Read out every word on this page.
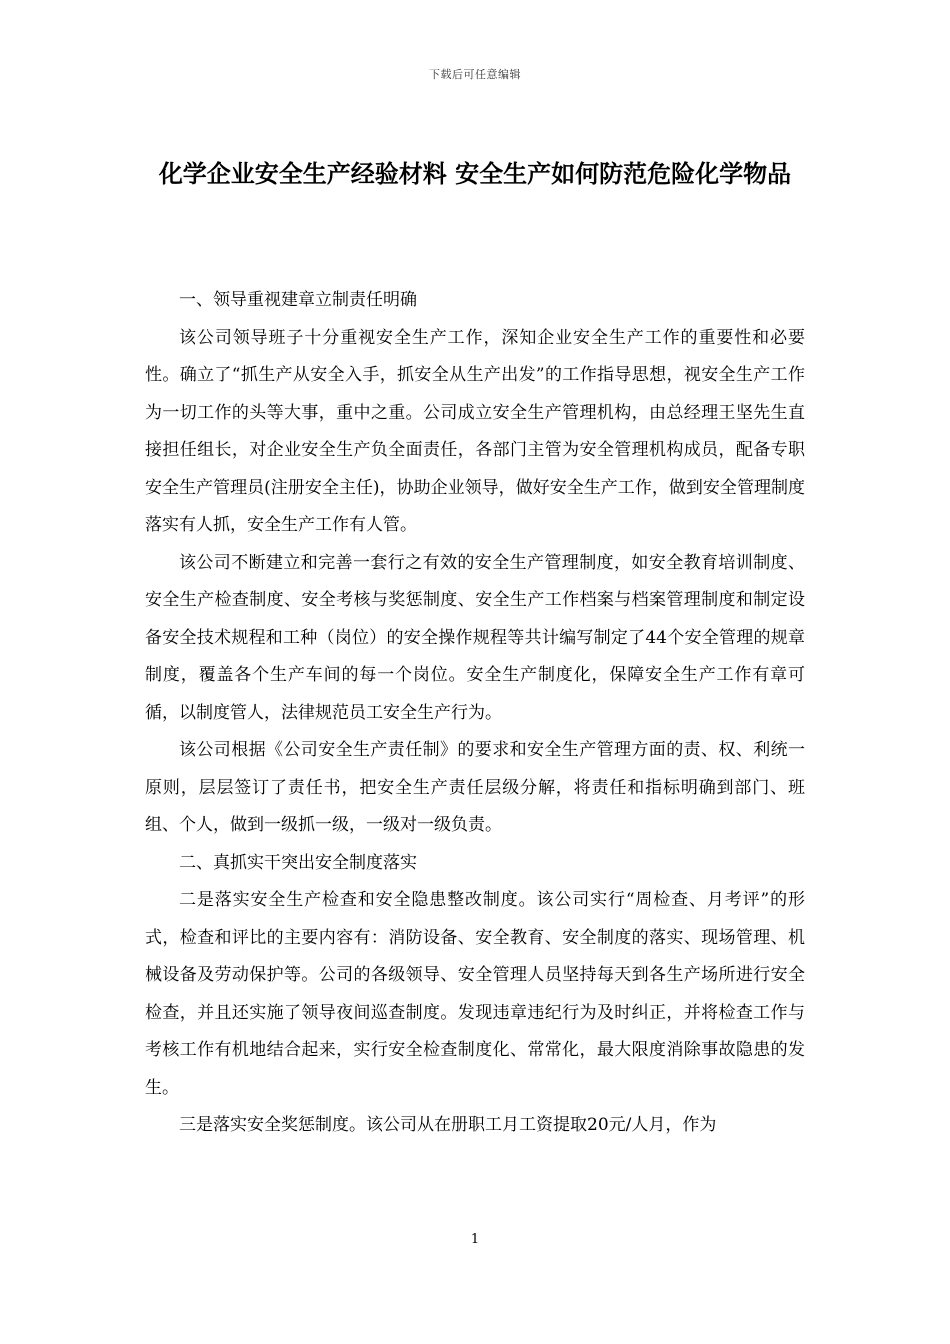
下载后可任意编辑
化学企业安全生产经验材料 安全生产如何防范危险化学物品

一、领导重视建章立制责任明确

该公司领导班子十分重视安全生产工作，深知企业安全生产工作的重要性和必要性。确立了“抓生产从安全入手，抓安全从生产出发”的工作指导思想，视安全生产工作为一切工作的头等大事，重中之重。公司成立安全生产管理机构，由总经理王坚先生直接担任组长，对企业安全生产负全面责任，各部门主管为安全管理机构成员，配备专职安全生产管理员(注册安全主任)，协助企业领导，做好安全生产工作，做到安全管理制度落实有人抓，安全生产工作有人管。

该公司不断建立和完善一套行之有效的安全生产管理制度，如安全教育培训制度、安全生产检查制度、安全考核与奖惩制度、安全生产工作档案与档案管理制度和制定设备安全技术规程和工种（岗位）的安全操作规程等共计编写制定了44个安全管理的规章制度，覆盖各个生产车间的每一个岗位。安全生产制度化，保障安全生产工作有章可循，以制度管人，法律规范员工安全生产行为。

该公司根据《公司安全生产责任制》的要求和安全生产管理方面的责、权、利统一原则，层层签订了责任书，把安全生产责任层级分解，将责任和指标明确到部门、班组、个人，做到一级抓一级，一级对一级负责。

二、真抓实干突出安全制度落实

二是落实安全生产检查和安全隐患整改制度。该公司实行“周检查、月考评”的形式，检查和评比的主要内容有：消防设备、安全教育、安全制度的落实、现场管理、机械设备及劳动保护等。公司的各级领导、安全管理人员坚持每天到各生产场所进行安全检查，并且还实施了领导夜间巡查制度。发现违章违纪行为及时纠正，并将检查工作与考核工作有机地结合起来，实行安全检查制度化、常常化，最大限度消除事故隐患的发生。

三是落实安全奖惩制度。该公司从在册职工月工资提取20元/人月，作为

1
